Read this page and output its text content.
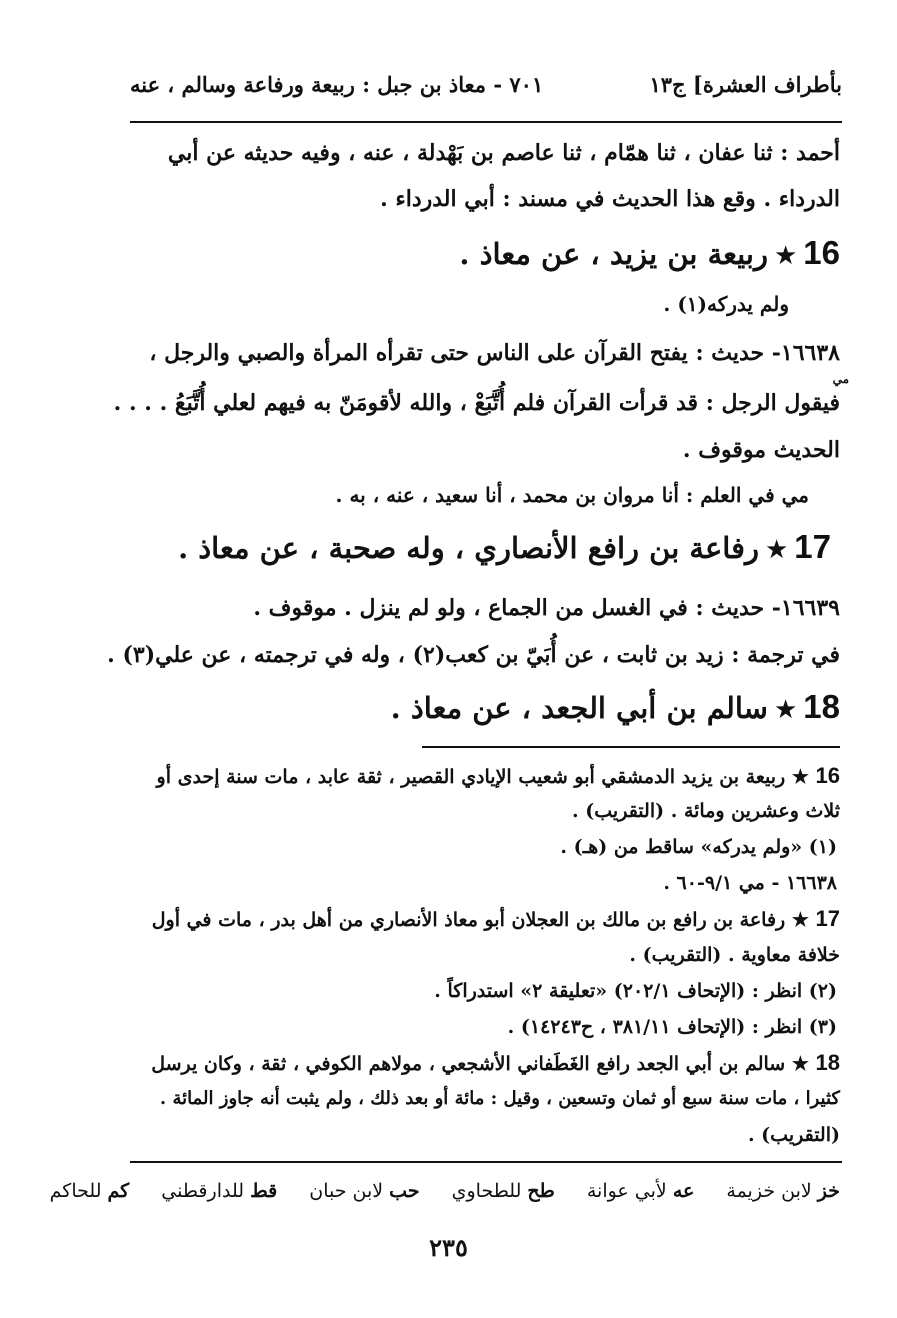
بأطراف العشرة] ج١٣
٧٠١ - معاذ بن جبل : ربيعة ورفاعة وسالم ، عنه
أحمد : ثنا عفان ، ثنا همّام ، ثنا عاصم بن بَهْدلة ، عنه ، وفيه حديثه عن أبي
الدرداء . وقع هذا الحديث في مسند : أبي الدرداء .
16★ربيعة بن يزيد ، عن معاذ .
ولم يدركه(١) .
١٦٦٣٨- حديث : يفتح القرآن على الناس حتى تقرأه المرأة والصبي والرجل ،
مي
فيقول الرجل : قد قرأت القرآن فلم أُتَّبَعْ ، والله لأقومَنّ به فيهم لعلي أُتَّبَعُ . . . .
الحديث موقوف .
مي في العلم : أنا مروان بن محمد ، أنا سعيد ، عنه ، به .
17★رفاعة بن رافع الأنصاري ، وله صحبة ، عن معاذ .
١٦٦٣٩- حديث : في الغسل من الجماع ، ولو لم ينزل . موقوف .
في ترجمة : زيد بن ثابت ، عن أُبَيّ بن كعب(٢) ، وله في ترجمته ، عن علي(٣) .
18★سالم بن أبي الجعد ، عن معاذ .
16 ★ ربيعة بن يزيد الدمشقي أبو شعيب الإيادي القصير ، ثقة عابد ، مات سنة إحدى أو
ثلاث وعشرين ومائة . (التقريب) .
(١) «ولم يدركه» ساقط من (هـ) .
١٦٦٣٨ - مي ٩/١-٦٠ .
17 ★ رفاعة بن رافع بن مالك بن العجلان أبو معاذ الأنصاري من أهل بدر ، مات في أول
خلافة معاوية . (التقريب) .
(٢) انظر : (الإتحاف ٢٠٢/١) «تعليقة ٢» استدراكاً .
(٣) انظر : (الإتحاف ٣٨١/١١ ، ح١٤٢٤٣) .
18 ★ سالم بن أبي الجعد رافع الغَطَفاني الأشجعي ، مولاهم الكوفي ، ثقة ، وكان يرسل
كثيرا ، مات سنة سبع أو ثمان وتسعين ، وقيل : مائة أو بعد ذلك ، ولم يثبت أنه جاوز المائة .
(التقريب) .
خز لابن خزيمة عه لأبي عوانة طح للطحاوي حب لابن حبان قط للدارقطني كم للحاكم
٢٣٥
